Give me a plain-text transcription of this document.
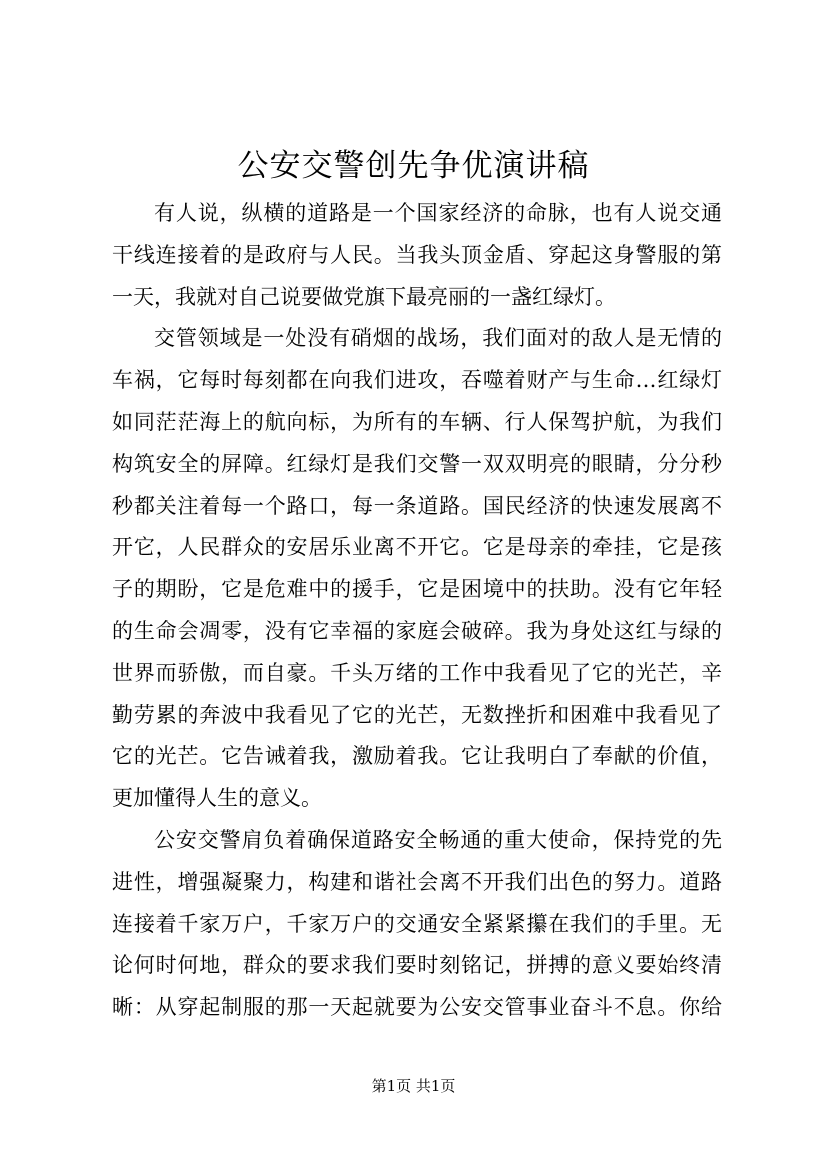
公安交警创先争优演讲稿
有人说，纵横的道路是一个国家经济的命脉，也有人说交通
干线连接着的是政府与人民。当我头顶金盾、穿起这身警服的第
一天，我就对自己说要做党旗下最亮丽的一盏红绿灯。
交管领域是一处没有硝烟的战场，我们面对的敌人是无情的
车祸，它每时每刻都在向我们进攻，吞噬着财产与生命…红绿灯
如同茫茫海上的航向标，为所有的车辆、行人保驾护航，为我们
构筑安全的屏障。红绿灯是我们交警一双双明亮的眼睛，分分秒
秒都关注着每一个路口，每一条道路。国民经济的快速发展离不
开它，人民群众的安居乐业离不开它。它是母亲的牵挂，它是孩
子的期盼，它是危难中的援手，它是困境中的扶助。没有它年轻
的生命会凋零，没有它幸福的家庭会破碎。我为身处这红与绿的
世界而骄傲，而自豪。千头万绪的工作中我看见了它的光芒，辛
勤劳累的奔波中我看见了它的光芒，无数挫折和困难中我看见了
它的光芒。它告诫着我，激励着我。它让我明白了奉献的价值，
更加懂得人生的意义。
公安交警肩负着确保道路安全畅通的重大使命，保持党的先
进性，增强凝聚力，构建和谐社会离不开我们出色的努力。道路
连接着千家万户，千家万户的交通安全紧紧攥在我们的手里。无
论何时何地，群众的要求我们要时刻铭记，拼搏的意义要始终清
晰：从穿起制服的那一天起就要为公安交管事业奋斗不息。你给
第1页 共1页
